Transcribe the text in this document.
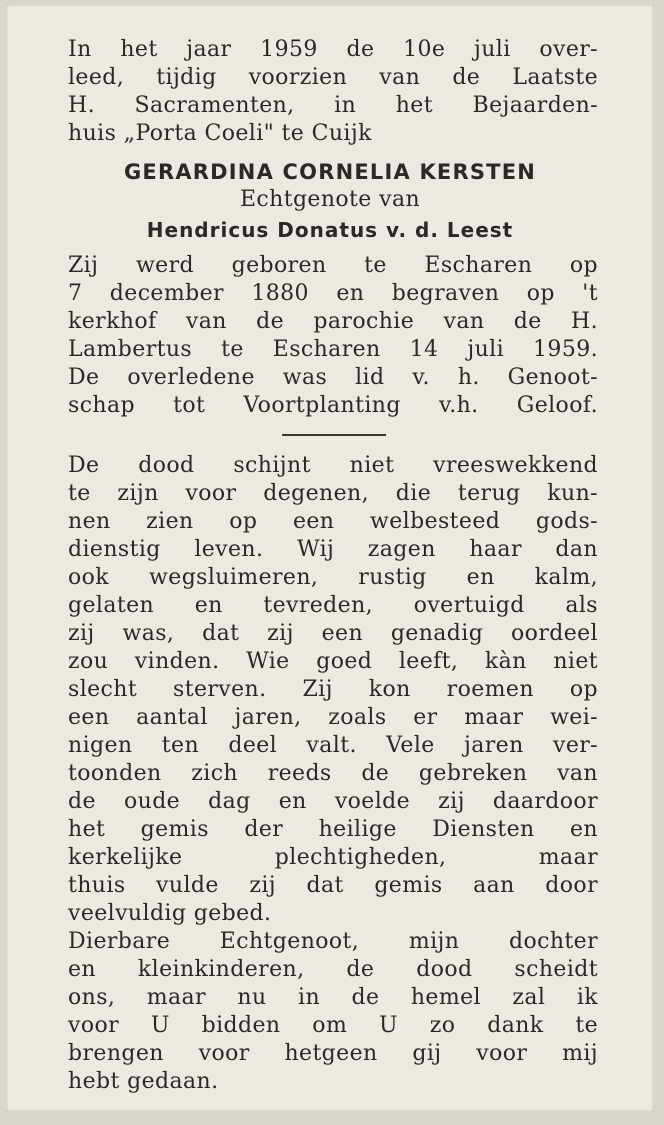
In het jaar 1959 de 10e juli over-
leed, tijdig voorzien van de Laatste
H. Sacramenten, in het Bejaarden-
huis „Porta Coeli" te Cuijk
GERARDINA CORNELIA KERSTEN
Echtgenote van
Hendricus Donatus v. d. Leest
Zij werd geboren te Escharen op
7 december 1880 en begraven op 't
kerkhof van de parochie van de H.
Lambertus te Escharen 14 juli 1959.
De overledene was lid v. h. Genoot-
schap tot Voortplanting v.h. Geloof.
De dood schijnt niet vreeswekkend
te zijn voor degenen, die terug kun-
nen zien op een welbesteed gods-
dienstig leven. Wij zagen haar dan
ook wegsluimeren, rustig en kalm,
gelaten en tevreden, overtuigd als
zij was, dat zij een genadig oordeel
zou vinden. Wie goed leeft, kàn niet
slecht sterven. Zij kon roemen op
een aantal jaren, zoals er maar wei-
nigen ten deel valt. Vele jaren ver-
toonden zich reeds de gebreken van
de oude dag en voelde zij daardoor
het gemis der heilige Diensten en
kerkelijke plechtigheden, maar
thuis vulde zij dat gemis aan door
veelvuldig gebed.
Dierbare Echtgenoot, mijn dochter
en kleinkinderen, de dood scheidt
ons, maar nu in de hemel zal ik
voor U bidden om U zo dank te
brengen voor hetgeen gij voor mij
hebt gedaan.
